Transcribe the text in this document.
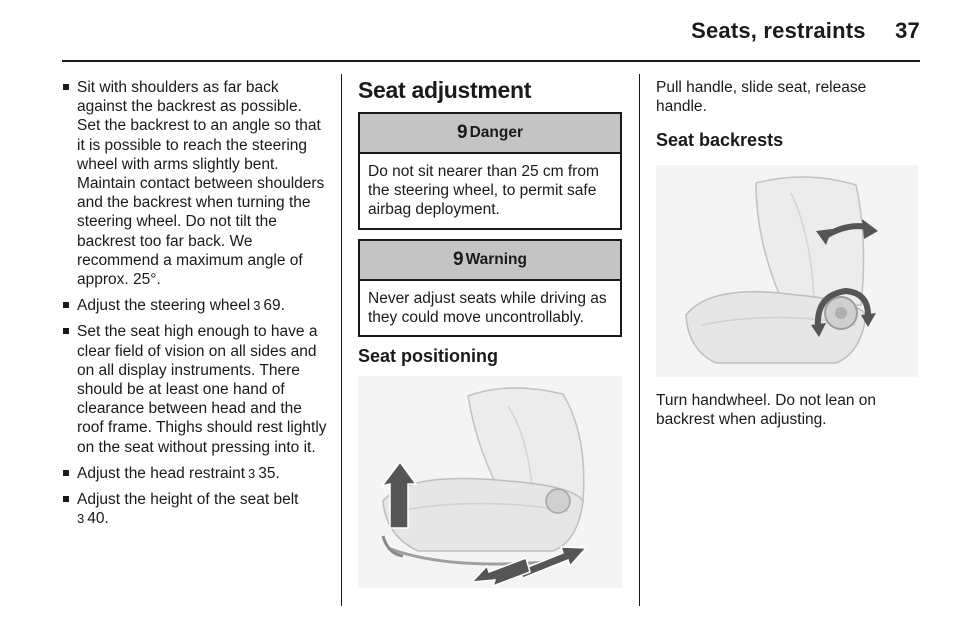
Seats, restraints 37
Sit with shoulders as far back against the backrest as possible. Set the backrest to an angle so that it is possible to reach the steering wheel with arms slightly bent. Maintain contact between shoulders and the backrest when turning the steering wheel. Do not tilt the backrest too far back. We recommend a maximum angle of approx. 25°.
Adjust the steering wheel 3 69.
Set the seat high enough to have a clear field of vision on all sides and on all display instruments. There should be at least one hand of clearance between head and the roof frame. Thighs should rest lightly on the seat without pressing into it.
Adjust the head restraint 3 35.
Adjust the height of the seat belt
3 40.
Seat adjustment
9 Danger
Do not sit nearer than 25 cm from the steering wheel, to permit safe airbag deployment.
9 Warning
Never adjust seats while driving as they could move uncontrollably.
Seat positioning

Pull handle, slide seat, release handle.

Seat backrests

Turn handwheel. Do not lean on backrest when adjusting.
